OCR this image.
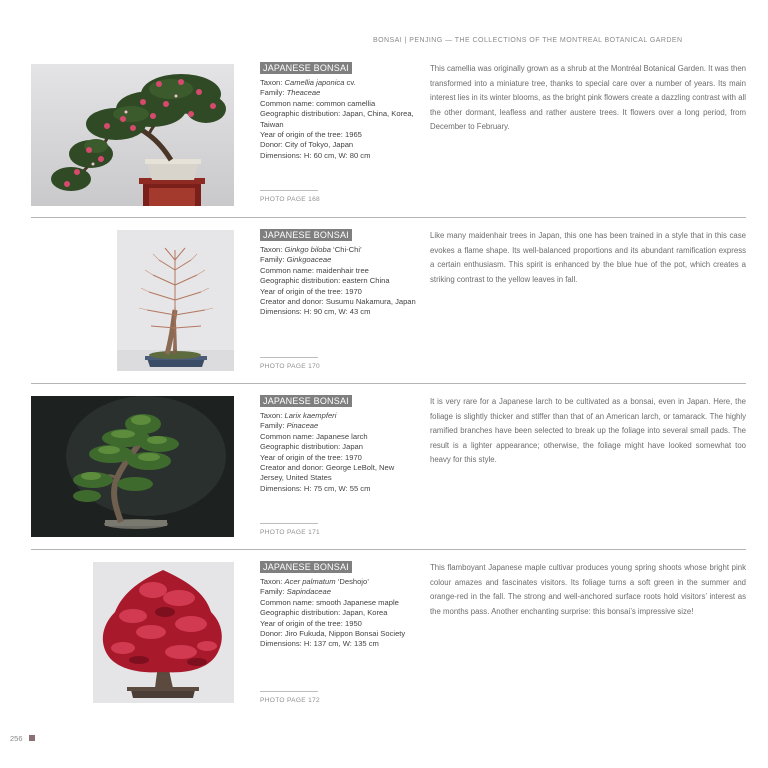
BONSAI | PENJING — THE COLLECTIONS OF THE MONTREAL BOTANICAL GARDEN
JAPANESE BONSAI
Taxon: Camellia japonica cv.
Family: Theaceae
Common name: common camellia
Geographic distribution: Japan, China, Korea, Taiwan
Year of origin of the tree: 1965
Donor: City of Tokyo, Japan
Dimensions: H: 60 cm, W: 80 cm
This camellia was originally grown as a shrub at the Montréal Botanical Garden. It was then transformed into a miniature tree, thanks to special care over a number of years. Its main interest lies in its winter blooms, as the bright pink flowers create a dazzling contrast with all the other dormant, leafless and rather austere trees. It flowers over a long period, from December to February.
PHOTO PAGE 168
JAPANESE BONSAI
Taxon: Ginkgo biloba ‘Chi-Chi’
Family: Ginkgoaceae
Common name: maidenhair tree
Geographic distribution: eastern China
Year of origin of the tree: 1970
Creator and donor: Susumu Nakamura, Japan
Dimensions: H: 90 cm, W: 43 cm
Like many maidenhair trees in Japan, this one has been trained in a style that in this case evokes a flame shape. Its well-balanced proportions and its abundant ramification express a certain enthusiasm. This spirit is enhanced by the blue hue of the pot, which creates a striking contrast to the yellow leaves in fall.
PHOTO PAGE 170
JAPANESE BONSAI
Taxon: Larix kaempferi
Family: Pinaceae
Common name: Japanese larch
Geographic distribution: Japan
Year of origin of the tree: 1970
Creator and donor: George LeBolt, New Jersey, United States
Dimensions: H: 75 cm, W: 55 cm
It is very rare for a Japanese larch to be cultivated as a bonsai, even in Japan. Here, the foliage is slightly thicker and stiffer than that of an American larch, or tamarack. The highly ramified branches have been selected to break up the foliage into several small pads. The result is a lighter appearance; otherwise, the foliage might have looked somewhat too heavy for this style.
PHOTO PAGE 171
JAPANESE BONSAI
Taxon: Acer palmatum ‘Deshojo’
Family: Sapindaceae
Common name: smooth Japanese maple
Geographic distribution: Japan, Korea
Year of origin of the tree: 1950
Donor: Jiro Fukuda, Nippon Bonsai Society
Dimensions: H: 137 cm, W: 135 cm
This flamboyant Japanese maple cultivar produces young spring shoots whose bright pink colour amazes and fascinates visitors. Its foliage turns a soft green in the summer and orange-red in the fall. The strong and well-anchored surface roots hold visitors’ interest as the months pass. Another enchanting surprise: this bonsai’s impressive size!
PHOTO PAGE 172
256
